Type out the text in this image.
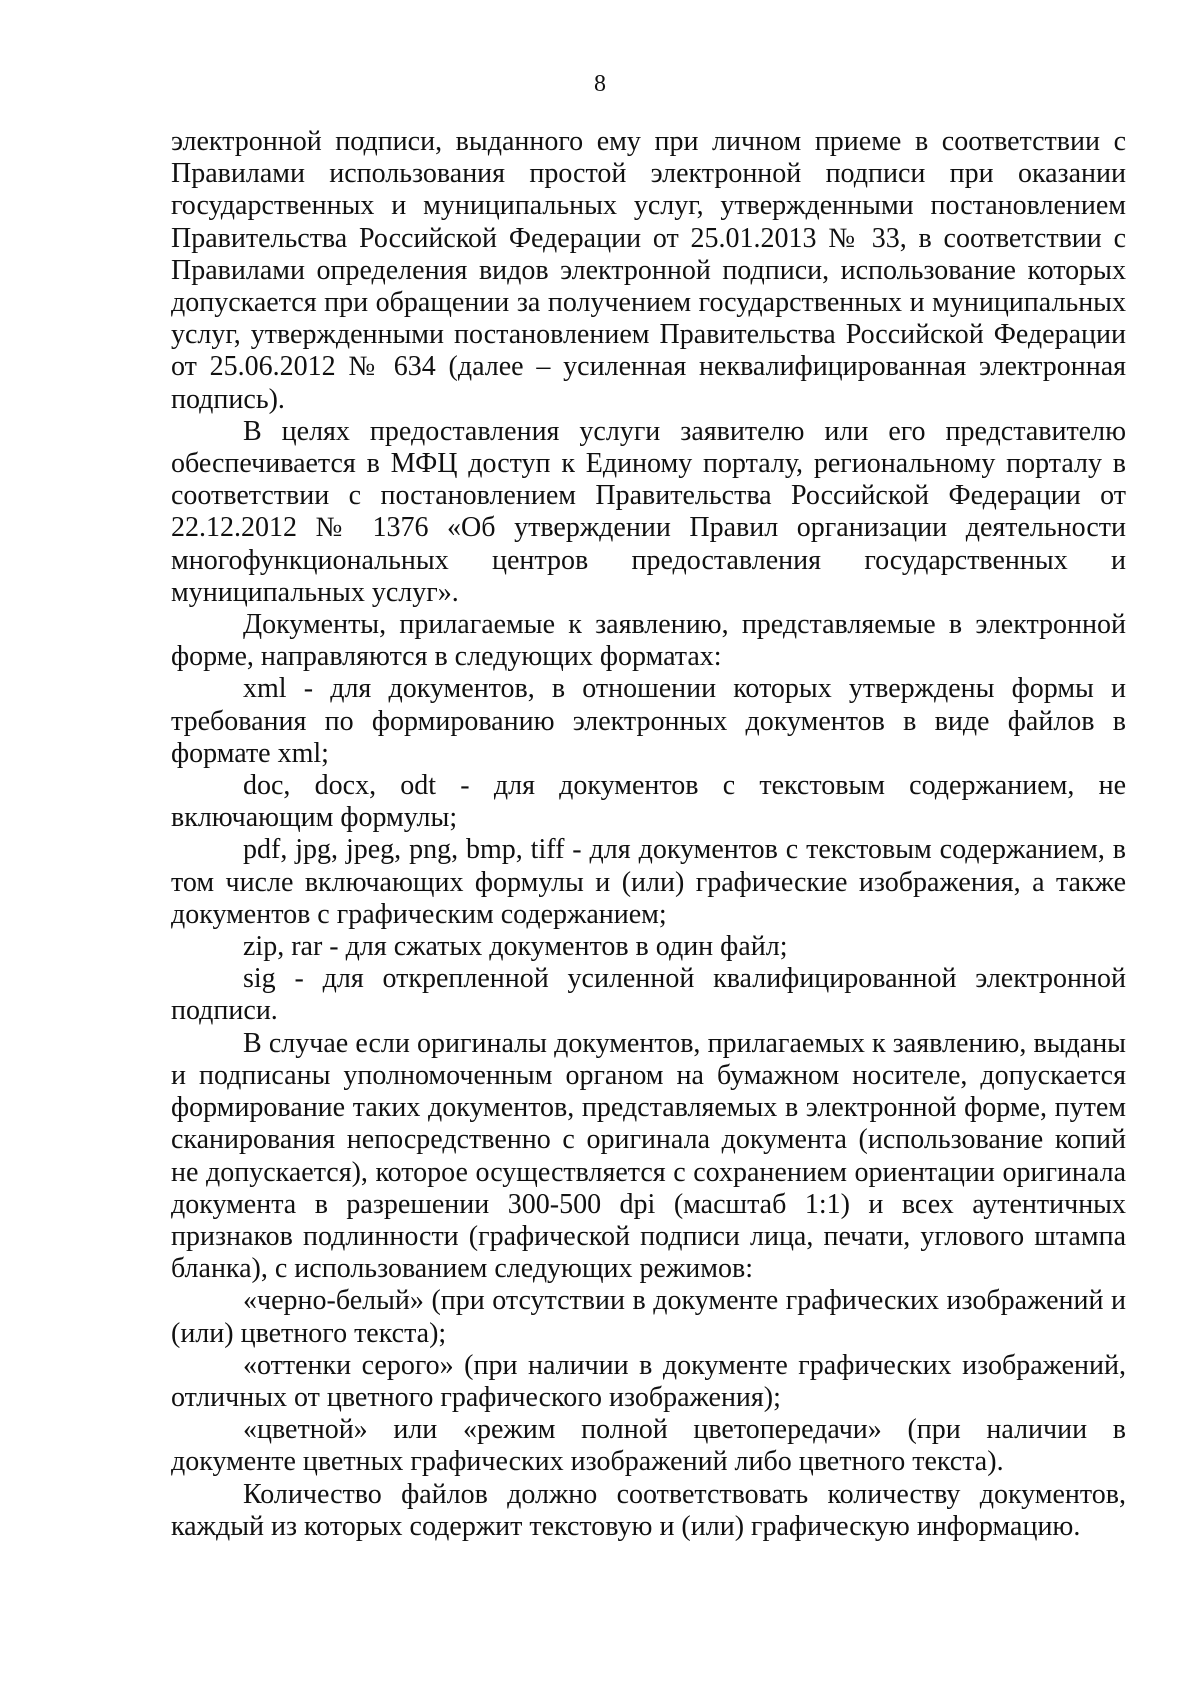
8

электронной подписи, выданного ему при личном приеме в соответствии с Правилами использования простой электронной подписи при оказании государственных и муниципальных услуг, утвержденными постановлением Правительства Российской Федерации от 25.01.2013 № 33, в соответствии с Правилами определения видов электронной подписи, использование которых допускается при обращении за получением государственных и муниципальных услуг, утвержденными постановлением Правительства Российской Федерации от 25.06.2012 № 634 (далее – усиленная неквалифицированная электронная подпись).

В целях предоставления услуги заявителю или его представителю обеспечивается в МФЦ доступ к Единому порталу, региональному порталу в соответствии с постановлением Правительства Российской Федерации от 22.12.2012 № 1376 «Об утверждении Правил организации деятельности многофункциональных центров предоставления государственных и муниципальных услуг».

Документы, прилагаемые к заявлению, представляемые в электронной форме, направляются в следующих форматах:

xml - для документов, в отношении которых утверждены формы и требования по формированию электронных документов в виде файлов в формате xml;

doc, docx, odt - для документов с текстовым содержанием, не включающим формулы;

pdf, jpg, jpeg, png, bmp, tiff - для документов с текстовым содержанием, в том числе включающих формулы и (или) графические изображения, а также документов с графическим содержанием;

zip, rar - для сжатых документов в один файл;

sig - для открепленной усиленной квалифицированной электронной подписи.

В случае если оригиналы документов, прилагаемых к заявлению, выданы и подписаны уполномоченным органом на бумажном носителе, допускается формирование таких документов, представляемых в электронной форме, путем сканирования непосредственно с оригинала документа (использование копий не допускается), которое осуществляется с сохранением ориентации оригинала документа в разрешении 300-500 dpi (масштаб 1:1) и всех аутентичных признаков подлинности (графической подписи лица, печати, углового штампа бланка), с использованием следующих режимов:

«черно-белый» (при отсутствии в документе графических изображений и (или) цветного текста);

«оттенки серого» (при наличии в документе графических изображений, отличных от цветного графического изображения);

«цветной» или «режим полной цветопередачи» (при наличии в документе цветных графических изображений либо цветного текста).

Количество файлов должно соответствовать количеству документов, каждый из которых содержит текстовую и (или) графическую информацию.
